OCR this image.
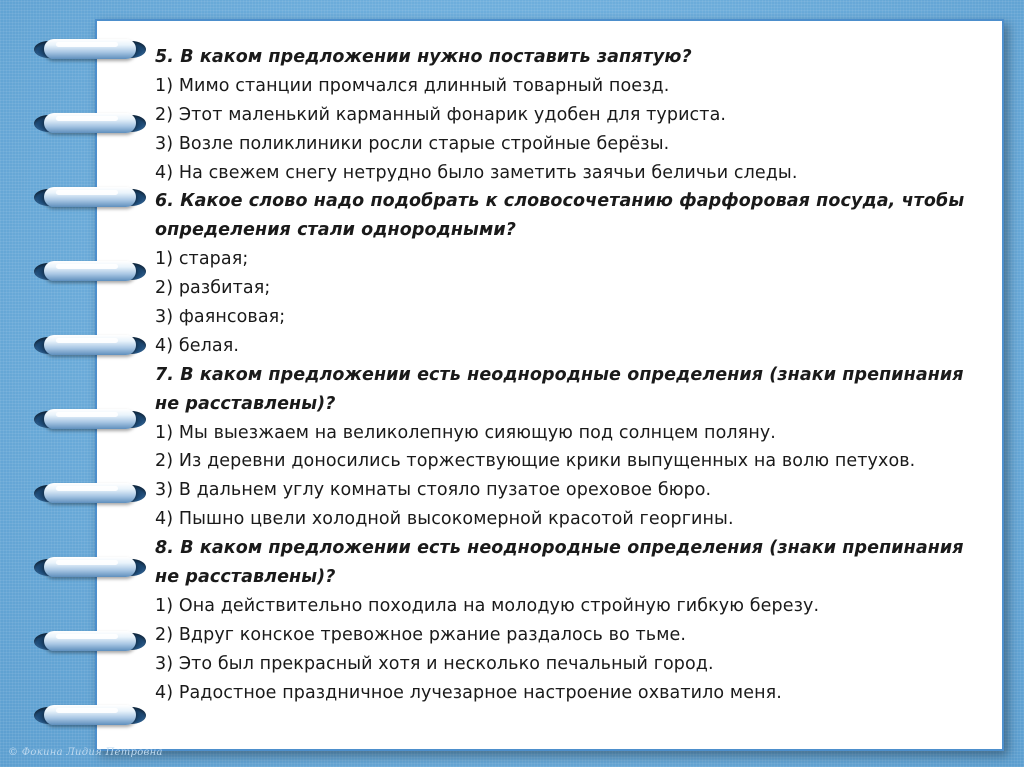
5. В каком предложении нужно поставить запятую?
1) Мимо станции промчался длинный товарный поезд.
2) Этот маленький карманный фонарик удобен для туриста.
3) Возле поликлиники росли старые стройные берёзы.
4) На свежем снегу нетрудно было заметить заячьи беличьи следы.
6. Какое слово надо подобрать к словосочетанию фарфоровая посуда, чтобы
определения стали однородными?
1) старая;
2) разбитая;
3) фаянсовая;
4) белая.
7. В каком предложении есть неоднородные определения (знаки препинания
не расставлены)?
1) Мы выезжаем на великолепную сияющую под солнцем поляну.
2) Из деревни доносились торжествующие крики выпущенных на волю петухов.
3) В дальнем углу комнаты стояло пузатое ореховое бюро.
4) Пышно цвели холодной высокомерной красотой георгины.
8. В каком предложении есть неоднородные определения (знаки препинания
не расставлены)?
1) Она действительно походила на молодую стройную гибкую березу.
2) Вдруг конское тревожное ржание раздалось во тьме.
3) Это был прекрасный хотя и несколько печальный город.
4) Радостное праздничное лучезарное настроение охватило меня.
© Фокина Лидия Петровна
